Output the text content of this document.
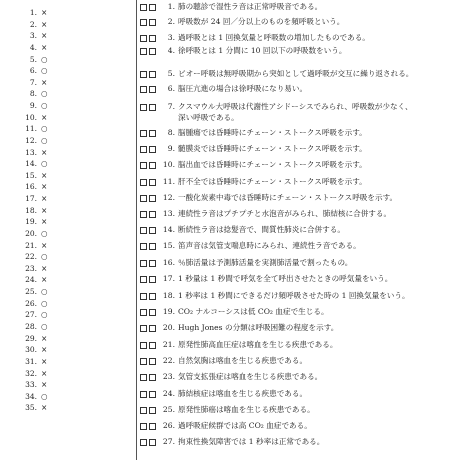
1. ×
2. ×
3. ×
4. ×
5. ○
6. ○
7. ×
8. ○
9. ○
10. ×
11. ○
12. ○
13. ×
14. ○
15. ×
16. ×
17. ×
18. ×
19. ×
20. ○
21. ×
22. ○
23. ×
24. ×
25. ○
26. ○
27. ○
28. ○
29. ×
30. ×
31. ×
32. ×
33. ×
34. ○
35. ×
1. 肺の聴診で湿性ラ音は正常呼吸音である。
2. 呼吸数が 24 回／分以上のものを頻呼吸という。
3. 過呼吸とは 1 回換気量と呼吸数の増加したものである。
4. 徐呼吸とは 1 分間に 10 回以下の呼吸数をいう。
5. ビオー呼吸は無呼吸期から突如として過呼吸が交互に繰り返される。
6. 脳圧亢進の場合は徐呼吸になり易い。
7. クスマウル大呼吸は代謝性アシドーシスでみられ、呼吸数が少なく、
深い呼吸である。
8. 脳腫瘍では昏睡時にチェーン・ストークス呼吸を示す。
9. 髄膜炎では昏睡時にチェーン・ストークス呼吸を示す。
10. 脳出血では昏睡時にチェーン・ストークス呼吸を示す。
11. 肝不全では昏睡時にチェーン・ストークス呼吸を示す。
12. 一酸化炭素中毒では昏睡時にチェーン・ストークス呼吸を示す。
13. 連続性ラ音はプチプチと水泡音がみられ、肺結核に合併する。
14. 断続性ラ音は捻髪音で、間質性肺炎に合併する。
15. 笛声音は気管支喘息時にみられ、連続性ラ音である。
16. ％肺活量は予測肺活量を実測肺活量で割ったもの。
17. 1 秒量は 1 秒間で呼気を全て呼出させたときの呼気量をいう。
18. 1 秒率は 1 秒間にできるだけ頻呼吸させた時の 1 回換気量をいう。
19. CO₂ ナルコーシスは低 CO₂ 血症で生じる。
20. Hugh Jones の分類は呼吸困難の程度を示す。
21. 原発性肺高血圧症は喀血を生じる疾患である。
22. 自然気胸は喀血を生じる疾患である。
23. 気管支拡張症は喀血を生じる疾患である。
24. 肺結核症は喀血を生じる疾患である。
25. 原発性肺癌は喀血を生じる疾患である。
26. 過呼吸症候群では高 CO₂ 血症である。
27. 拘束性換気障害では 1 秒率は正常である。
